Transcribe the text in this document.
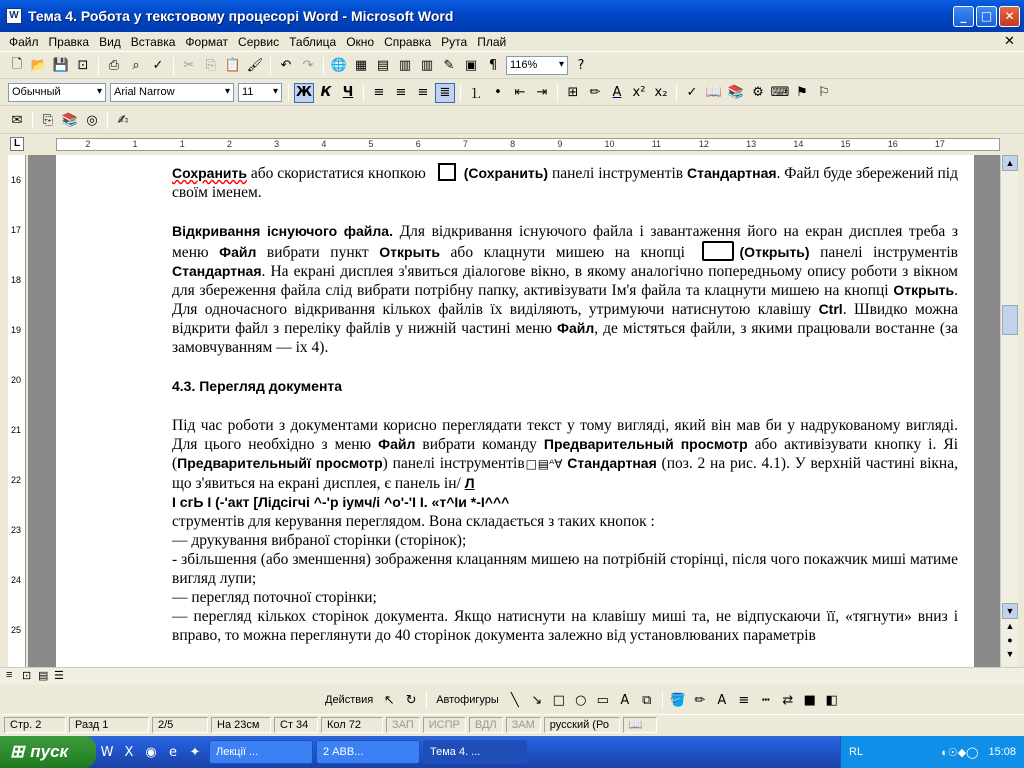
W Тема 4. Робота у текстовому процесорі Word - Microsoft Word	_	□	✕
Файл Правка Вид Вставка Формат Сервис Таблица Окно Справка Рута Плай	✕
🗋 📂 💾 ⊡	⎙	⌕ ✓	✂ ⎘ 📋 🖌	↶ ↷	🌐 ▦ ▤ ▥ ▥ ✎ ▣ ¶	116% ▾	?
Обычный ▾	Arial Narrow ▾	11 ▾	Ж К Ч	≡ ≡ ≡ ≣	⒈ • ⇤ ⇥	⊞ ✏ A x² x₂	✓ 📖 📚 ⚙ ⌨ ⚑ ⚐
✉	⎘ 📚 ◎	✍
L	2	1	1	2	3	4	5	6	7	8	9	10	11	12	13	14	15	16	17
16
17
18
19
20
21
22
23
24
25

Сохранить або скористатися кнопкою (Сохранить) панелі інструментів Стандартная. Файл буде збережений під своїм іменем.

Відкривання існуючого файла. Для відкривання існуючого файла і завантаження його на екран дисплея треба з меню Файл вибрати пункт Открыть або клацнути мишею на кнопці	(Открыть) панелі інструментів Стандартная. На екрані дисплея з'явиться діалогове вікно, в якому аналогічно попередньому опису роботи з вікном для збереження файла слід вибрати потрібну папку, активізувати Ім'я файла та клацнути мишею на кнопці Открыть. Для одночасного відкривання кількох файлів їх виділяють, утримуючи натиснутою клавішу Ctrl. Швидко можна відкрити файл з переліку файлів у нижній частині меню Файл, де містяться файли, з якими працювали востанне (за замовчуванням — іх 4).

4.3. Перегляд документа

Під час роботи з документами корисно переглядати текст у тому вигляді, який він мав би у надрукованому вигляді. Для цього необхідно з меню Файл вибрати команду Предварительный просмотр або активізувати кнопку і. Яі (Предварительныйї просмотр) панелі інструментів□▤ᴬ∀ Стандартная (поз. 2 на рис. 4.1). У верхній частині вікна, що з'явиться на екрані дисплея, є панель ін/ Л

І сгЬ І (-'акт [Лідсігчі ^-'р іумч/і ^о'-'І І. «т^Іи *-І^^^

струментів для керування переглядом. Вона складається з таких кнопок :

— друкування вибраної сторінки (сторінок);

- збільшення (або зменшення) зображення клацанням мишею на потрібній сторінці, після чого покажчик миші матиме вигляд лупи;

— перегляд поточної сторінки;

— перегляд кількох сторінок документа. Якщо натиснути на клавішу миші та, не відпускаючи її, «тягнути» вниз і вправо, то можна переглянути до 40 сторінок документа залежно від установлюваних параметрів

▲
▼
▲
●
▼
≡ ⊡ ▤ ☰
Действия ↖ ↻	Автофигуры ╲ ↘ □ ○ ▭ A ⧉	🪣 ✏ A ≡ ┅ ⇄ ■ ◧
Стр. 2	Разд 1	2/5	На 23см	Ст 34	Кол 72	ЗАП	ИСПР	ВДЛ	ЗАМ	русский (Ро	📖
⊞ пуск W X ◉ e ✦	Лекції ...	2 АВВ...	Тема 4. ...	RL	◐☉◆◯ 15:08
